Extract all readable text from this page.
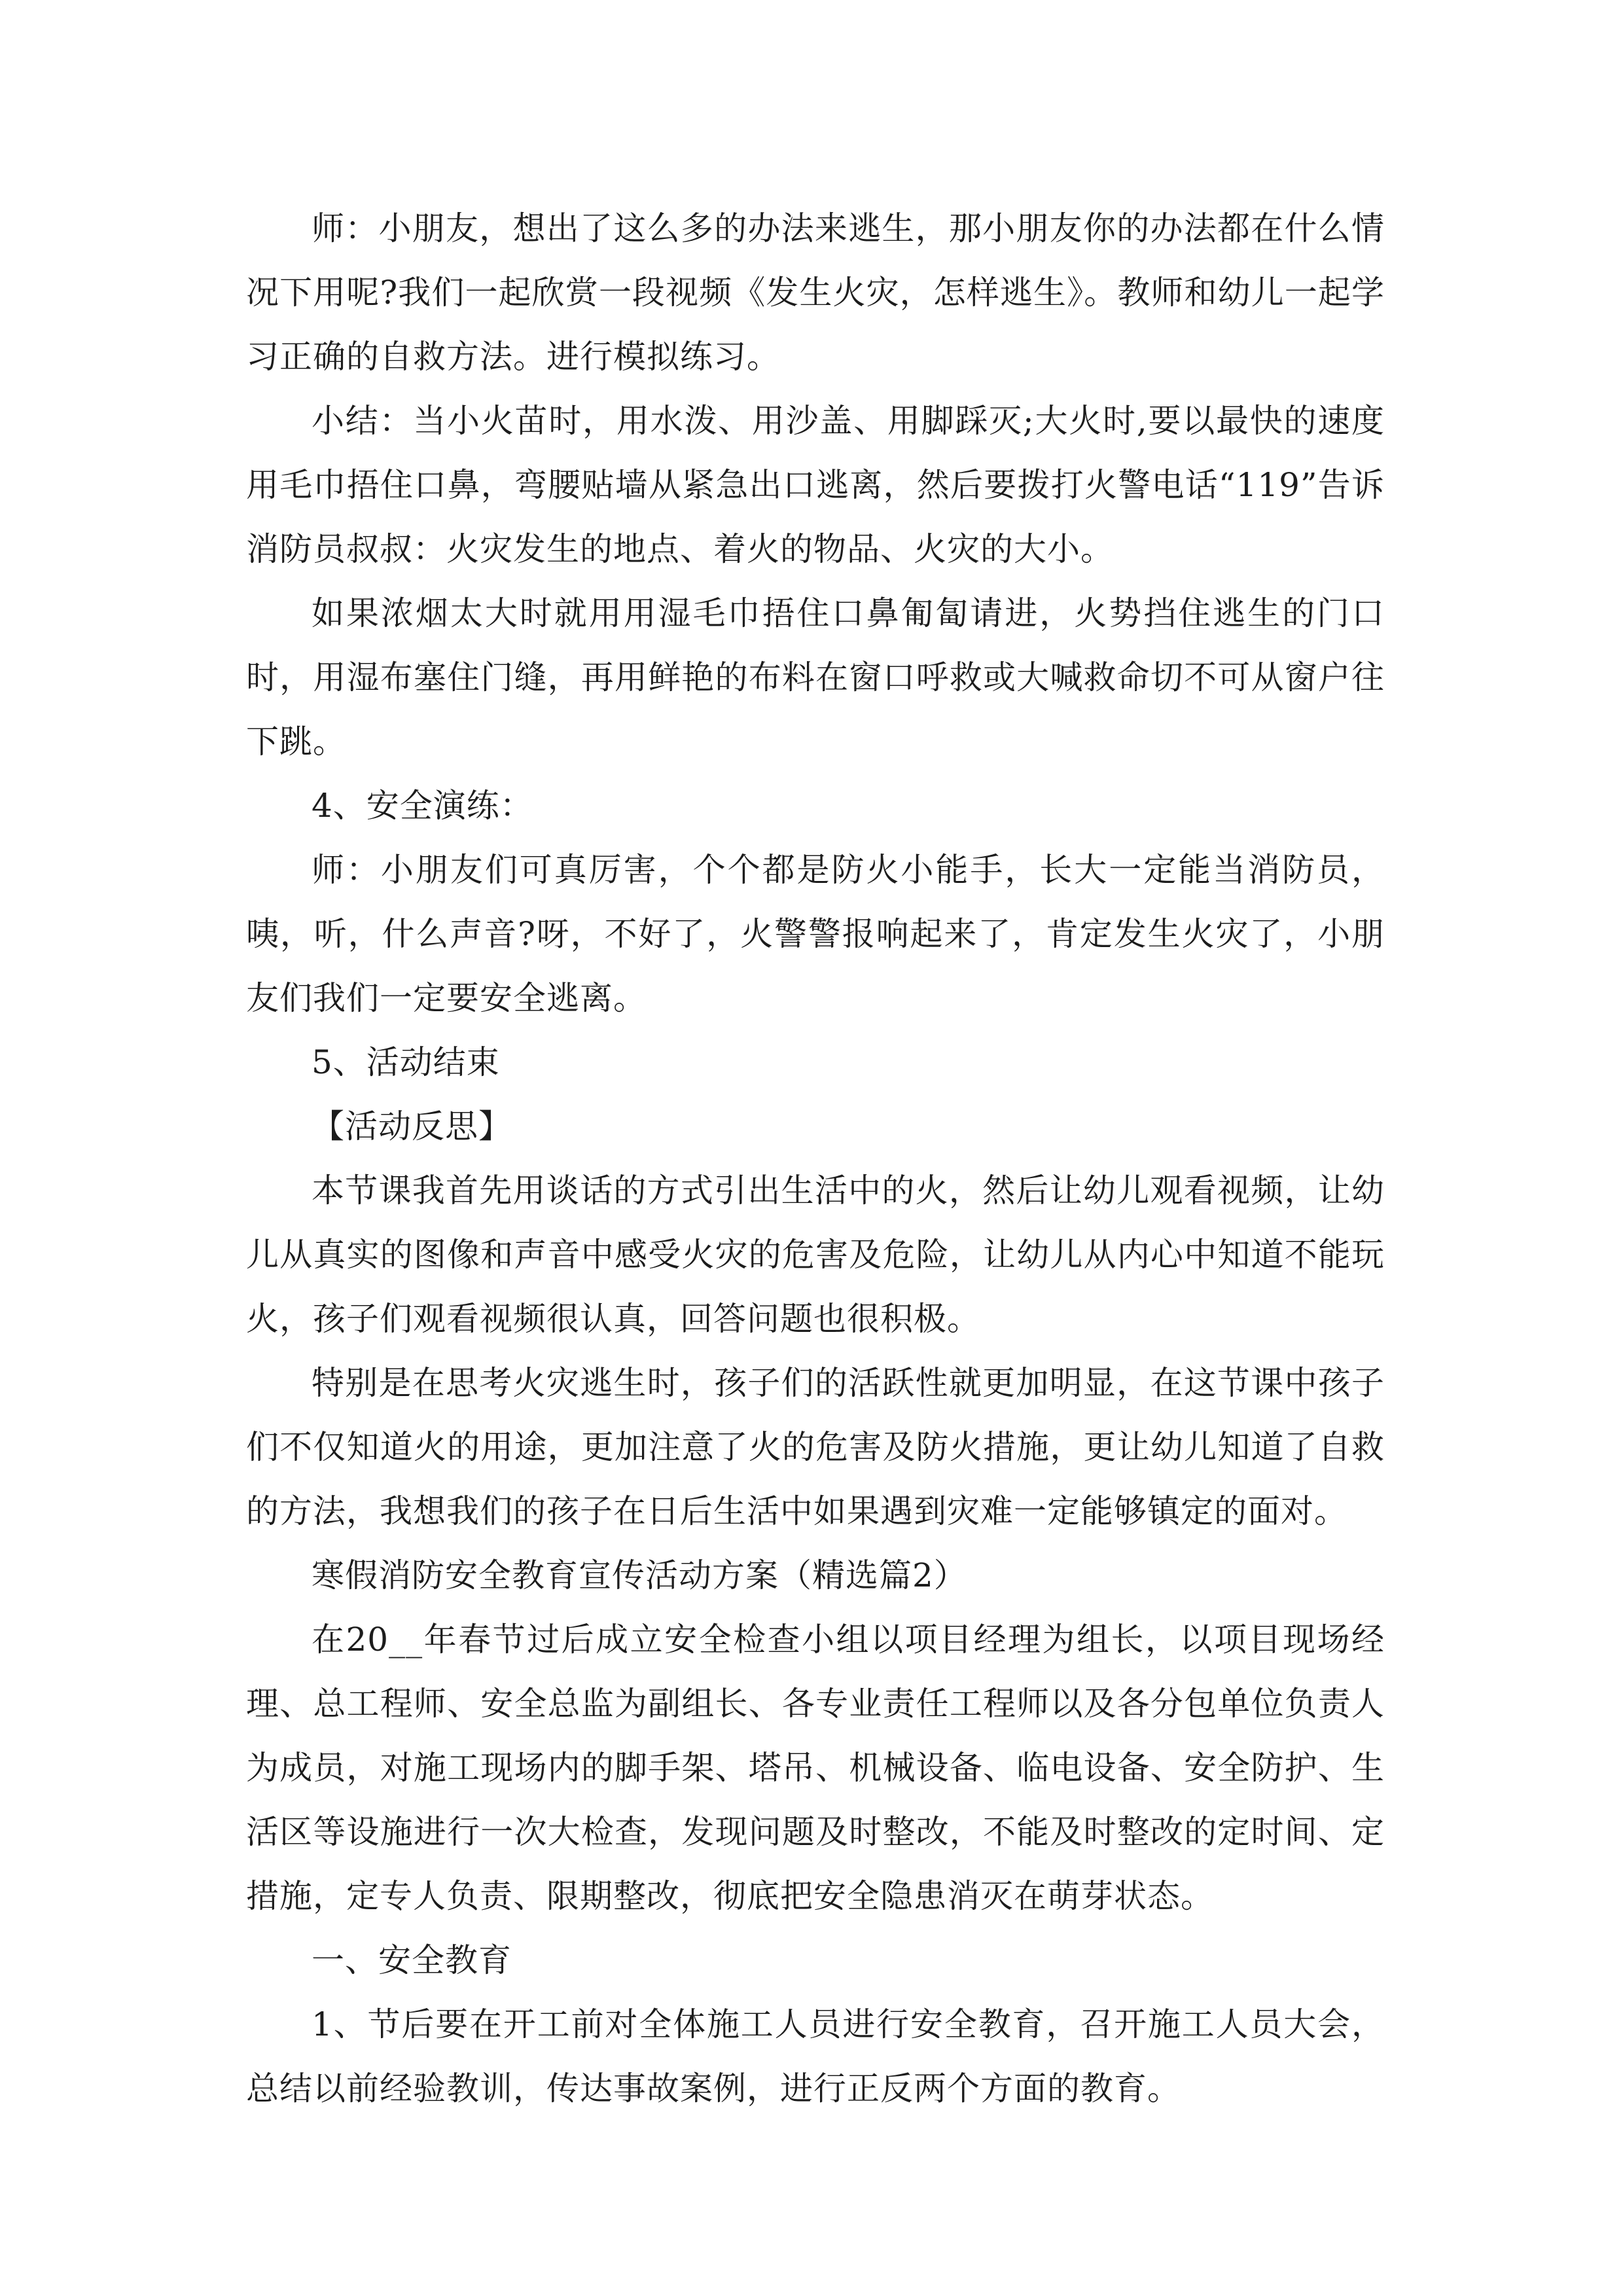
师：小朋友，想出了这么多的办法来逃生，那小朋友你的办法都在什么情况下用呢?我们一起欣赏一段视频《发生火灾，怎样逃生》。教师和幼儿一起学习正确的自救方法。进行模拟练习。

小结：当小火苗时，用水泼、用沙盖、用脚踩灭;大火时,要以最快的速度用毛巾捂住口鼻，弯腰贴墙从紧急出口逃离，然后要拨打火警电话“119”告诉消防员叔叔：火灾发生的地点、着火的物品、火灾的大小。

如果浓烟太大时就用用湿毛巾捂住口鼻匍匐请进，火势挡住逃生的门口时，用湿布塞住门缝，再用鲜艳的布料在窗口呼救或大喊救命切不可从窗户往下跳。

4、安全演练：

师：小朋友们可真厉害，个个都是防火小能手，长大一定能当消防员，咦，听，什么声音?呀，不好了，火警警报响起来了，肯定发生火灾了，小朋友们我们一定要安全逃离。

5、活动结束

【活动反思】

本节课我首先用谈话的方式引出生活中的火，然后让幼儿观看视频，让幼儿从真实的图像和声音中感受火灾的危害及危险，让幼儿从内心中知道不能玩火，孩子们观看视频很认真，回答问题也很积极。

特别是在思考火灾逃生时，孩子们的活跃性就更加明显，在这节课中孩子们不仅知道火的用途，更加注意了火的危害及防火措施，更让幼儿知道了自救的方法，我想我们的孩子在日后生活中如果遇到灾难一定能够镇定的面对。

寒假消防安全教育宣传活动方案（精选篇2）

在20__年春节过后成立安全检查小组以项目经理为组长，以项目现场经理、总工程师、安全总监为副组长、各专业责任工程师以及各分包单位负责人为成员，对施工现场内的脚手架、塔吊、机械设备、临电设备、安全防护、生活区等设施进行一次大检查，发现问题及时整改，不能及时整改的定时间、定措施，定专人负责、限期整改，彻底把安全隐患消灭在萌芽状态。

一、安全教育

1、节后要在开工前对全体施工人员进行安全教育，召开施工人员大会，总结以前经验教训，传达事故案例，进行正反两个方面的教育。
